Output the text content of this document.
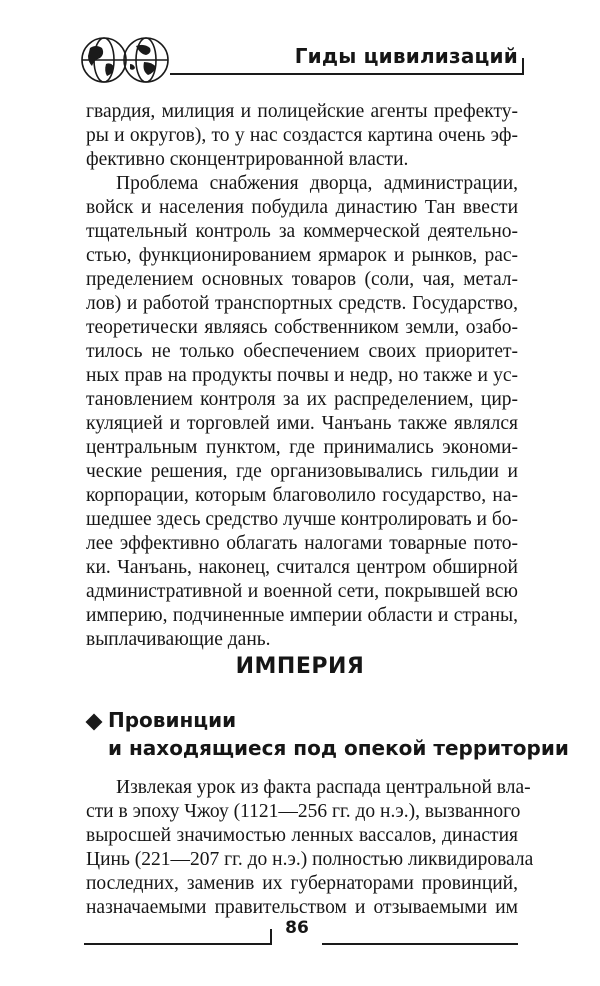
Гиды цивилизаций
гвардия, милиция и полицейские агенты префекту-
ры и округов), то у нас создастся картина очень эф-
фективно сконцентрированной власти.
Проблема снабжения дворца, администрации,
войск и населения побудила династию Тан ввести
тщательный контроль за коммерческой деятельно-
стью, функционированием ярмарок и рынков, рас-
пределением основных товаров (соли, чая, метал-
лов) и работой транспортных средств. Государство,
теоретически являясь собственником земли, озабо-
тилось не только обеспечением своих приоритет-
ных прав на продукты почвы и недр, но также и ус-
тановлением контроля за их распределением, цир-
куляцией и торговлей ими. Чанъань также являлся
центральным пунктом, где принимались экономи-
ческие решения, где организовывались гильдии и
корпорации, которым благоволило государство, на-
шедшее здесь средство лучше контролировать и бо-
лее эффективно облагать налогами товарные пото-
ки. Чанъань, наконец, считался центром обширной
административной и военной сети, покрывшей всю
империю, подчиненные империи области и страны,
выплачивающие дань.
ИМПЕРИЯ
Провинции
и находящиеся под опекой территории
Извлекая урок из факта распада центральной вла-
сти в эпоху Чжоу (1121—256 гг. до н.э.), вызванного
выросшей значимостью ленных вассалов, династия
Цинь (221—207 гг. до н.э.) полностью ликвидировала
последних, заменив их губернаторами провинций,
назначаемыми правительством и отзываемыми им
86
